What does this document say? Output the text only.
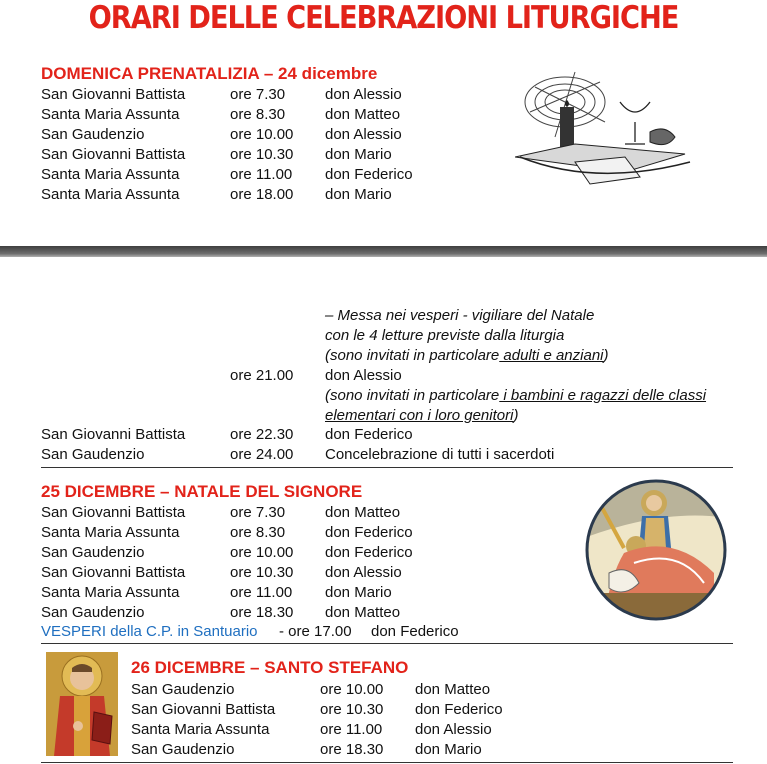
ORARI DELLE CELEBRAZIONI LITURGICHE
DOMENICA PRENATALIZIA – 24 dicembre
San Giovanni Battista	ore 7.30	don Alessio
Santa Maria Assunta	ore 8.30	don Matteo
San Gaudenzio	ore 10.00 don Alessio
San Giovanni Battista	ore 10.30 don Mario
Santa Maria Assunta	ore 11.00 don Federico
Santa Maria Assunta	ore 18.00 don Mario
– Messa nei vesperi - vigiliare del Natale
con le 4 letture previste dalla liturgia
(sono invitati in particolare adulti e anziani)
ore 21.00 don Alessio
(sono invitati in particolare i bambini e ragazzi delle classi
elementari con i loro genitori)
San Giovanni Battista	ore 22.30 don Federico
San Gaudenzio	ore 24.00 Concelebrazione di tutti i sacerdoti
25 DICEMBRE – NATALE DEL SIGNORE
San Giovanni Battista	ore 7.30	don Matteo
Santa Maria Assunta	ore 8.30	don Federico
San Gaudenzio	ore 10.00 don Federico
San Giovanni Battista	ore 10.30 don Alessio
Santa Maria Assunta	ore 11.00 don Mario
San Gaudenzio	ore 18.30 don Matteo
VESPERI della C.P. in Santuario - ore 17.00 don Federico
26 DICEMBRE – SANTO STEFANO
San Gaudenzio	ore 10.00 don Matteo
San Giovanni Battista	ore 10.30 don Federico
Santa Maria Assunta	ore 11.00 don Alessio
San Gaudenzio	ore 18.30 don Mario
